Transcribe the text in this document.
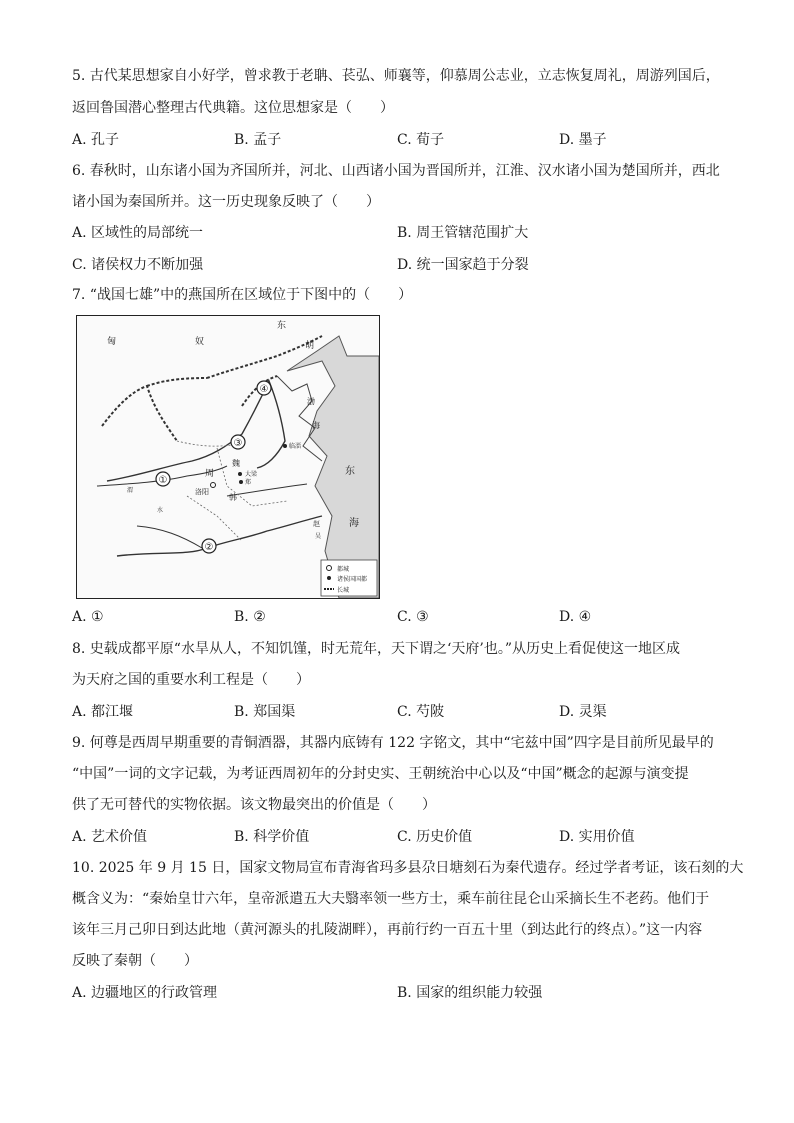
5. 古代某思想家自小好学，曾求教于老聃、苌弘、师襄等，仰慕周公志业，立志恢复周礼，周游列国后，
返回鲁国潜心整理古代典籍。这位思想家是（　　）
A. 孔子	B. 孟子	C. 荀子	D. 墨子
6. 春秋时，山东诸小国为齐国所并，河北、山西诸小国为晋国所并，江淮、汉水诸小国为楚国所并，西北
诸小国为秦国所并。这一历史现象反映了（　　）
A. 区域性的局部统一	B. 周王管辖范围扩大
C. 诸侯权力不断加强	D. 统一国家趋于分裂
7. “战国七雄”中的燕国所在区域位于下图中的（　　）
东
胡
匈	奴
渤
海
东
海
临淄
洛阳
周
韩
郑
大梁
魏
赵
吴
渭
水
①
②
③
④
都城
诸侯国国都
长城
A. ①	B. ②	C. ③	D. ④
8. 史载成都平原“水旱从人，不知饥馑，时无荒年，天下谓之‘天府’也。”从历史上看促使这一地区成
为天府之国的重要水利工程是（　　）
A. 都江堰	B. 郑国渠	C. 芍陂	D. 灵渠
9. 何尊是西周早期重要的青铜酒器，其器内底铸有 122 字铭文，其中“宅兹中国”四字是目前所见最早的
“中国”一词的文字记载，为考证西周初年的分封史实、王朝统治中心以及“中国”概念的起源与演变提
供了无可替代的实物依据。该文物最突出的价值是（　　）
A. 艺术价值	B. 科学价值	C. 历史价值	D. 实用价值
10. 2025 年 9 月 15 日，国家文物局宣布青海省玛多县尕日塘刻石为秦代遗存。经过学者考证，该石刻的大
概含义为：“秦始皇廿六年，皇帝派遣五大夫翳率领一些方士，乘车前往昆仑山采摘长生不老药。他们于
该年三月己卯日到达此地（黄河源头的扎陵湖畔），再前行约一百五十里（到达此行的终点）。”这一内容
反映了秦朝（　　）
A. 边疆地区的行政管理	B. 国家的组织能力较强
